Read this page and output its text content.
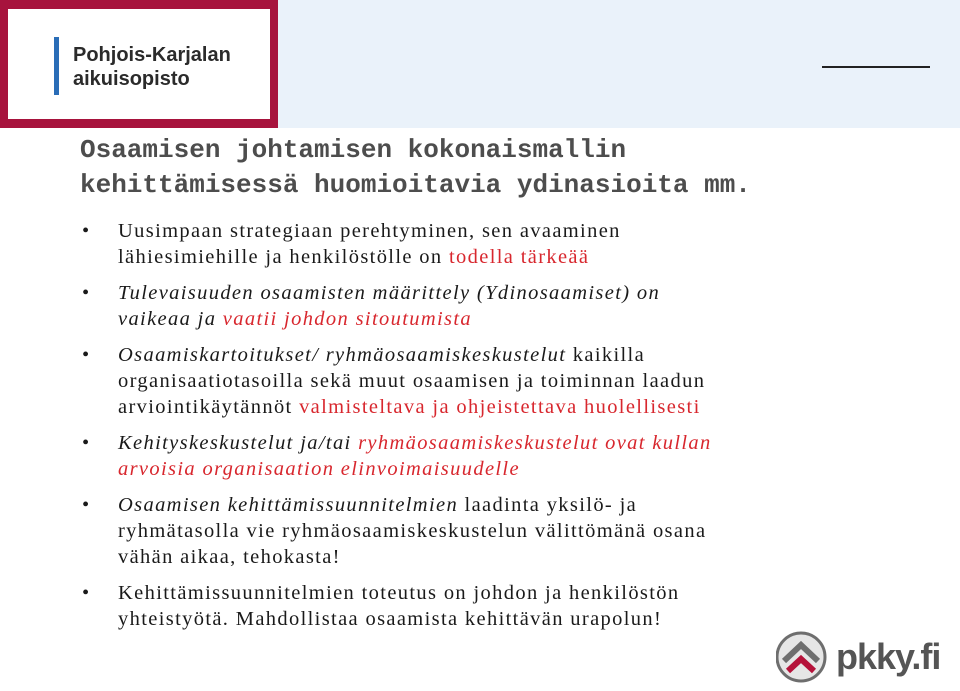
Pohjois-Karjalan
aikuisopisto
Osaamisen johtamisen kokonaismallin
kehittämisessä huomioitavia ydinasioita mm.
• Uusimpaan strategiaan perehtyminen, sen avaaminen
lähiesimiehille ja henkilöstölle on todella tärkeää
• Tulevaisuuden osaamisten määrittely (Ydinosaamiset) on
vaikeaa ja vaatii johdon sitoutumista
• Osaamiskartoitukset/ ryhmäosaamiskeskustelut kaikilla
organisaatiotasoilla sekä muut osaamisen ja toiminnan laadun
arviointikäytännöt valmisteltava ja ohjeistettava huolellisesti
• Kehityskeskustelut ja/tai ryhmäosaamiskeskustelut ovat kullan
arvoisia organisaation elinvoimaisuudelle
• Osaamisen kehittämissuunnitelmien laadinta yksilö- ja
ryhmätasolla vie ryhmäosaamiskeskustelun välittömänä osana
vähän aikaa, tehokasta!
• Kehittämissuunnitelmien toteutus on johdon ja henkilöstön
yhteistyötä. Mahdollistaa osaamista kehittävän urapolun!
pkky.fi
